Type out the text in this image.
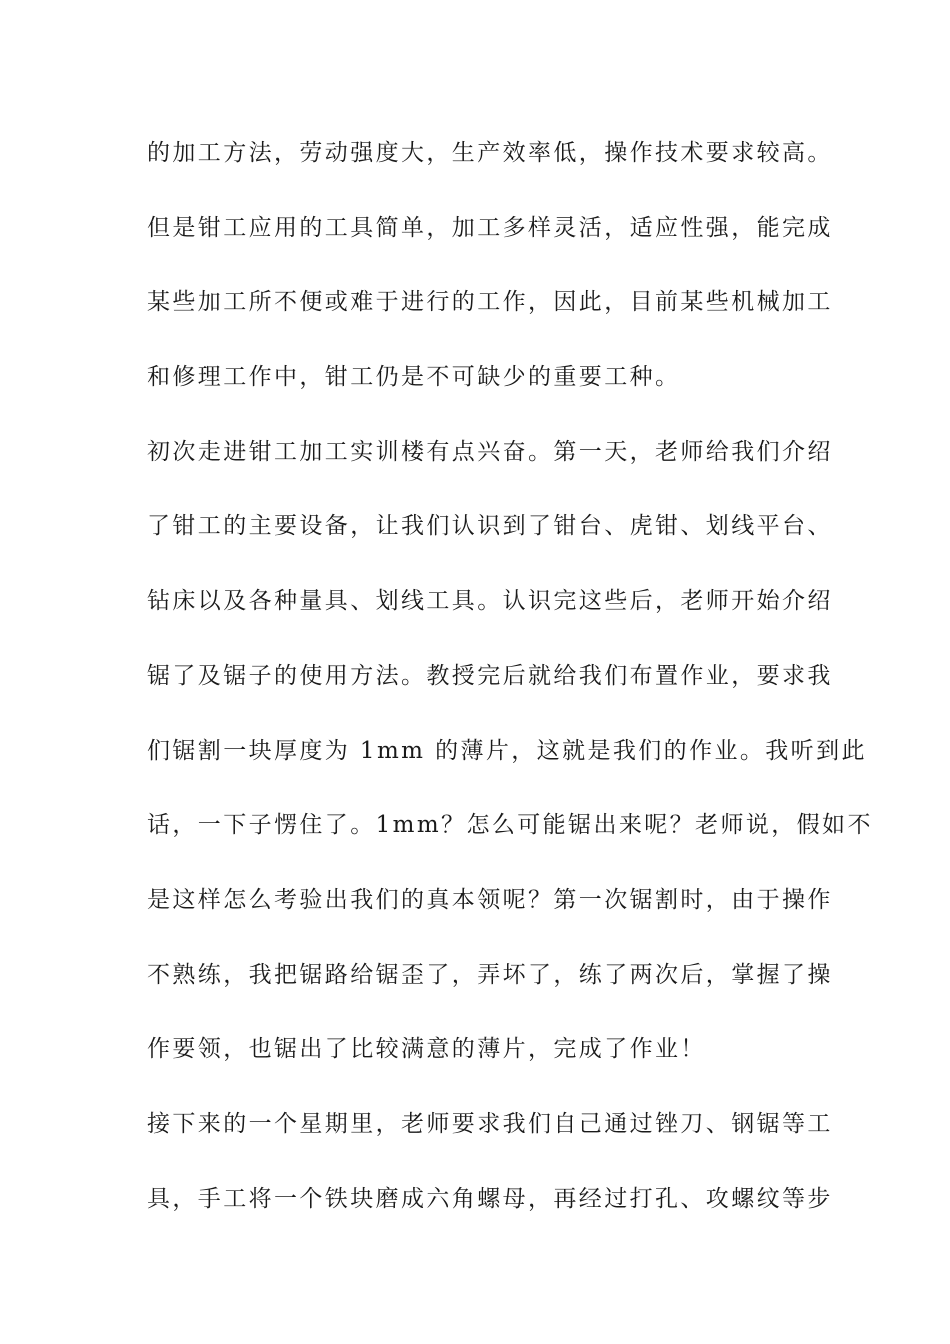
的加工方法，劳动强度大，生产效率低，操作技术要求较高。
但是钳工应用的工具简单，加工多样灵活，适应性强，能完成
某些加工所不便或难于进行的工作，因此，目前某些机械加工
和修理工作中，钳工仍是不可缺少的重要工种。
初次走进钳工加工实训楼有点兴奋。第一天，老师给我们介绍
了钳工的主要设备，让我们认识到了钳台、虎钳、划线平台、
钻床以及各种量具、划线工具。认识完这些后，老师开始介绍
锯了及锯子的使用方法。教授完后就给我们布置作业，要求我
们锯割一块厚度为 1mm 的薄片，这就是我们的作业。我听到此
话，一下子愣住了。1mm？怎么可能锯出来呢？老师说，假如不
是这样怎么考验出我们的真本领呢？第一次锯割时，由于操作
不熟练，我把锯路给锯歪了，弄坏了，练了两次后，掌握了操
作要领，也锯出了比较满意的薄片，完成了作业！
接下来的一个星期里，老师要求我们自己通过锉刀、钢锯等工
具，手工将一个铁块磨成六角螺母，再经过打孔、攻螺纹等步
